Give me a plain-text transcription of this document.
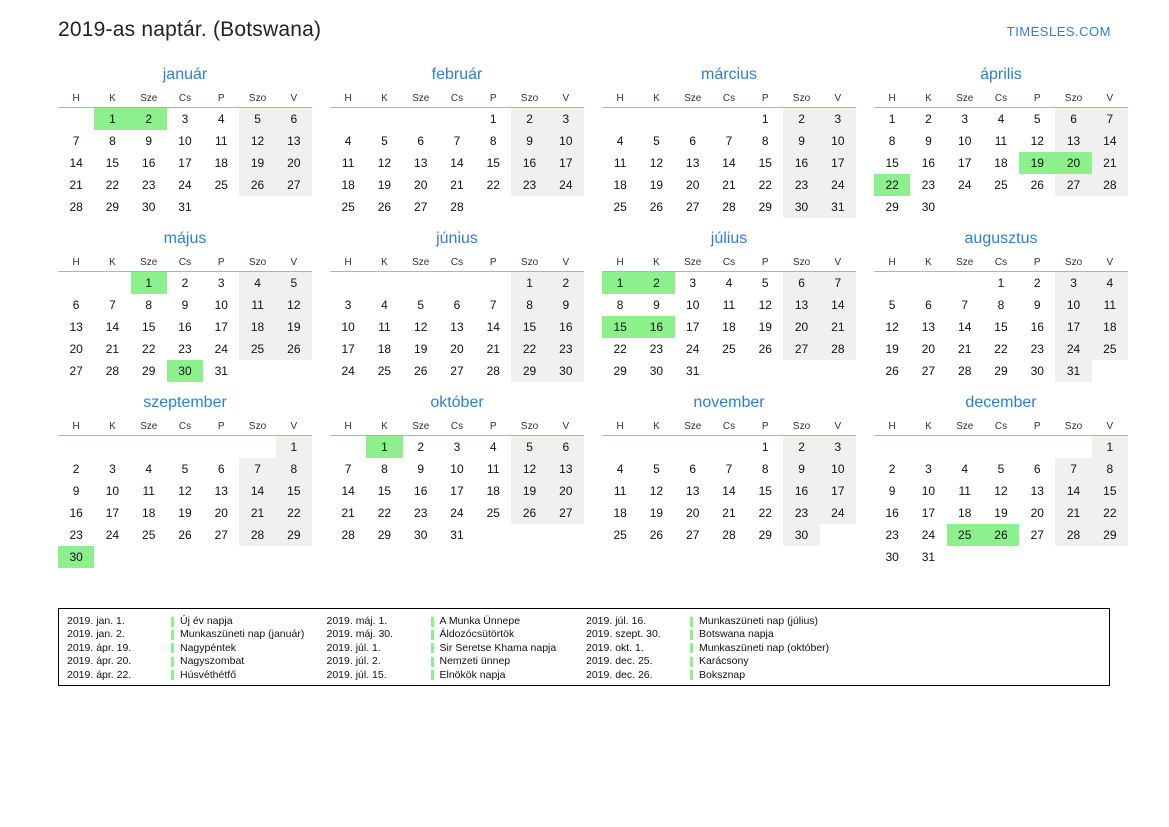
2019-as naptár. (Botswana)	TIMESLES.COM
január
H	K	Sze	Cs	P	Szo	V
	1	2	3	4	5	6
7	8	9	10	11	12	13
14	15	16	17	18	19	20
21	22	23	24	25	26	27
28	29	30	31			
február
H	K	Sze	Cs	P	Szo	V
				1	2	3
4	5	6	7	8	9	10
11	12	13	14	15	16	17
18	19	20	21	22	23	24
25	26	27	28			
március
H	K	Sze	Cs	P	Szo	V
				1	2	3
4	5	6	7	8	9	10
11	12	13	14	15	16	17
18	19	20	21	22	23	24
25	26	27	28	29	30	31
április
H	K	Sze	Cs	P	Szo	V
1	2	3	4	5	6	7
8	9	10	11	12	13	14
15	16	17	18	19	20	21
22	23	24	25	26	27	28
29	30					
május
H	K	Sze	Cs	P	Szo	V
		1	2	3	4	5
6	7	8	9	10	11	12
13	14	15	16	17	18	19
20	21	22	23	24	25	26
27	28	29	30	31		
június
H	K	Sze	Cs	P	Szo	V
					1	2
3	4	5	6	7	8	9
10	11	12	13	14	15	16
17	18	19	20	21	22	23
24	25	26	27	28	29	30
július
H	K	Sze	Cs	P	Szo	V
1	2	3	4	5	6	7
8	9	10	11	12	13	14
15	16	17	18	19	20	21
22	23	24	25	26	27	28
29	30	31				
augusztus
H	K	Sze	Cs	P	Szo	V
			1	2	3	4
5	6	7	8	9	10	11
12	13	14	15	16	17	18
19	20	21	22	23	24	25
26	27	28	29	30	31	
szeptember
H	K	Sze	Cs	P	Szo	V
						1
2	3	4	5	6	7	8
9	10	11	12	13	14	15
16	17	18	19	20	21	22
23	24	25	26	27	28	29
30						
október
H	K	Sze	Cs	P	Szo	V
	1	2	3	4	5	6
7	8	9	10	11	12	13
14	15	16	17	18	19	20
21	22	23	24	25	26	27
28	29	30	31			
november
H	K	Sze	Cs	P	Szo	V
				1	2	3
4	5	6	7	8	9	10
11	12	13	14	15	16	17
18	19	20	21	22	23	24
25	26	27	28	29	30	
december
H	K	Sze	Cs	P	Szo	V
						1
2	3	4	5	6	7	8
9	10	11	12	13	14	15
16	17	18	19	20	21	22
23	24	25	26	27	28	29
30	31					
2019. jan. 1.	Új év napja
2019. jan. 2.	Munkaszüneti nap (január)
2019. ápr. 19.	Nagypéntek
2019. ápr. 20.	Nagyszombat
2019. ápr. 22.	Húsvéthétfő
2019. máj. 1.	A Munka Ünnepe
2019. máj. 30.	Áldozócsütörtök
2019. júl. 1.	Sir Seretse Khama napja
2019. júl. 2.	Nemzeti ünnep
2019. júl. 15.	Elnökök napja
2019. júl. 16.	Munkaszüneti nap (július)
2019. szept. 30.	Botswana napja
2019. okt. 1.	Munkaszüneti nap (október)
2019. dec. 25.	Karácsony
2019. dec. 26.	Boksznap
